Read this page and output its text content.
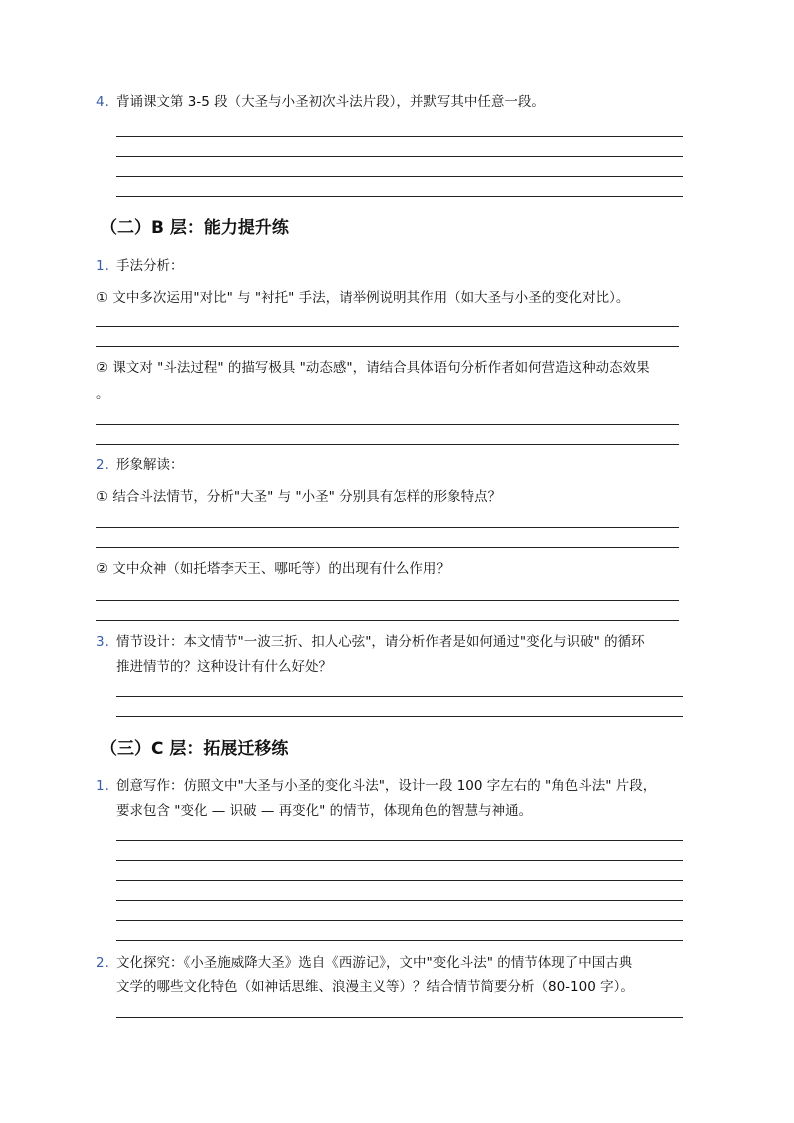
4. 背诵课文第 3-5 段（大圣与小圣初次斗法片段），并默写其中任意一段。
（二）B 层：能力提升练
1. 手法分析：
① 文中多次运用"对比" 与 "衬托" 手法，请举例说明其作用（如大圣与小圣的变化对比）。
② 课文对 "斗法过程" 的描写极具 "动态感"，请结合具体语句分析作者如何营造这种动态效果
。
2. 形象解读：
① 结合斗法情节，分析"大圣" 与 "小圣" 分别具有怎样的形象特点？
② 文中众神（如托塔李天王、哪吒等）的出现有什么作用？
3. 情节设计：本文情节"一波三折、扣人心弦"，请分析作者是如何通过"变化与识破" 的循环
推进情节的？这种设计有什么好处？
（三）C 层：拓展迁移练
1. 创意写作：仿照文中"大圣与小圣的变化斗法"，设计一段 100 字左右的 "角色斗法" 片段，
要求包含 "变化 — 识破 — 再变化" 的情节，体现角色的智慧与神通。
2. 文化探究：《小圣施威降大圣》选自《西游记》，文中"变化斗法" 的情节体现了中国古典
文学的哪些文化特色（如神话思维、浪漫主义等）？结合情节简要分析（80-100 字）。
